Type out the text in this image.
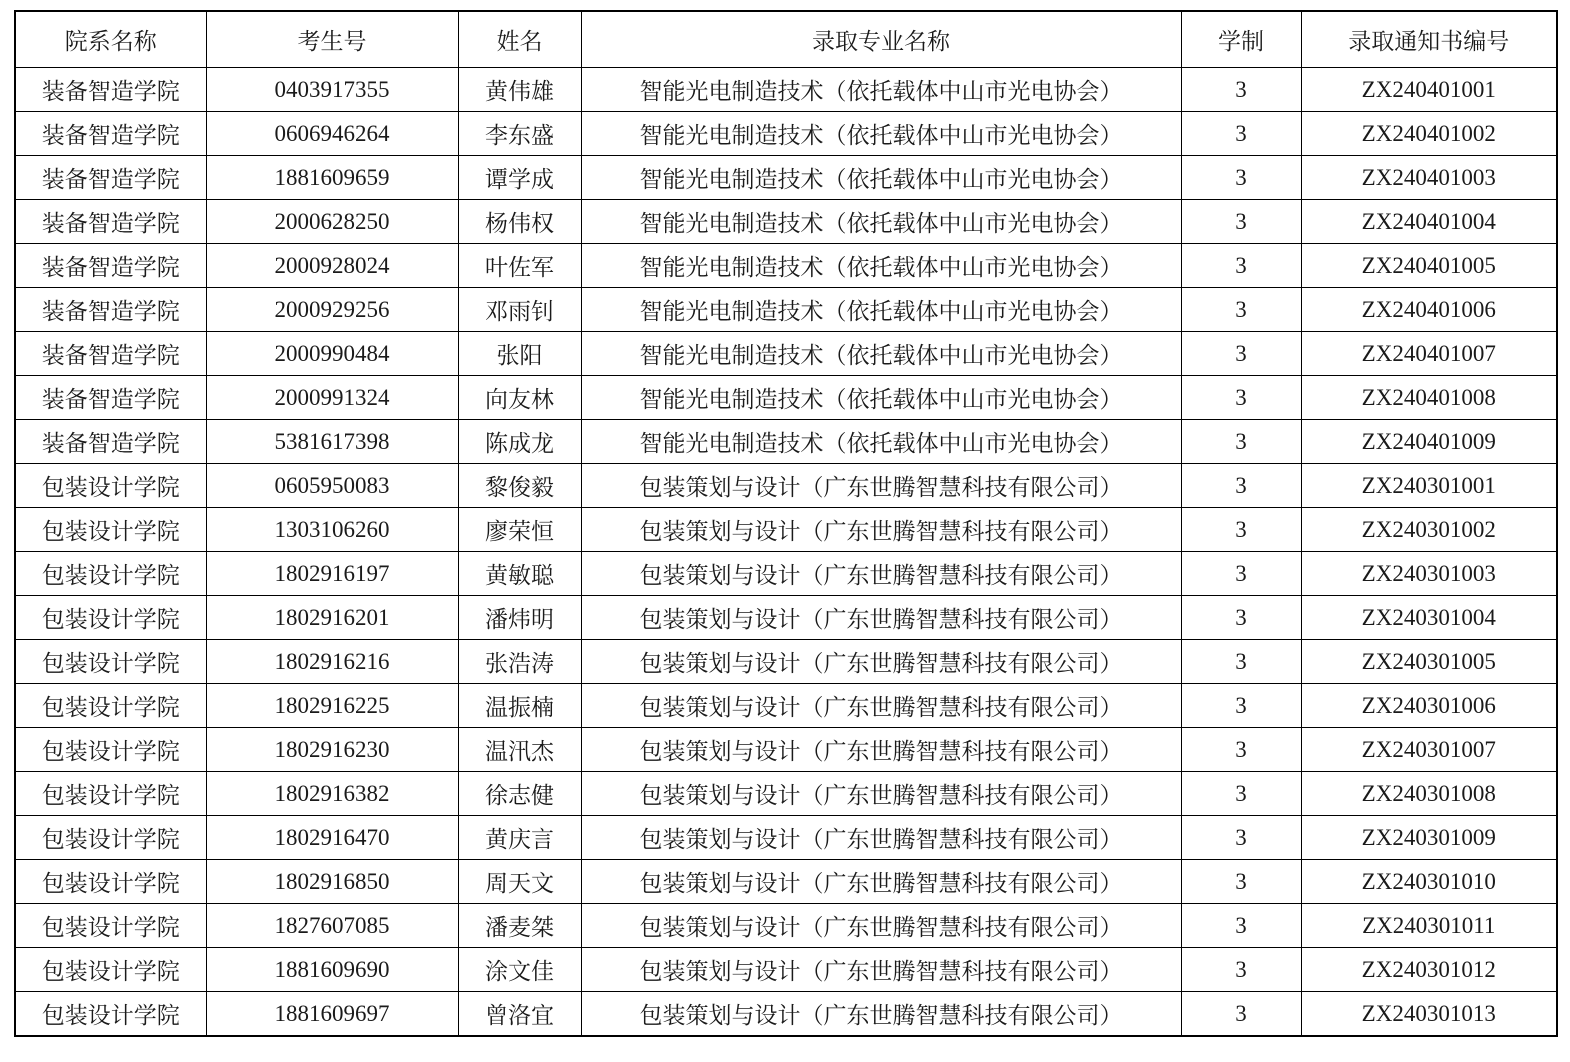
院系名称	考生号	姓名	录取专业名称	学制	录取通知书编号
装备智造学院	0403917355	黄伟雄	智能光电制造技术（依托载体中山市光电协会）	3	ZX240401001
装备智造学院	0606946264	李东盛	智能光电制造技术（依托载体中山市光电协会）	3	ZX240401002
装备智造学院	1881609659	谭学成	智能光电制造技术（依托载体中山市光电协会）	3	ZX240401003
装备智造学院	2000628250	杨伟权	智能光电制造技术（依托载体中山市光电协会）	3	ZX240401004
装备智造学院	2000928024	叶佐军	智能光电制造技术（依托载体中山市光电协会）	3	ZX240401005
装备智造学院	2000929256	邓雨钊	智能光电制造技术（依托载体中山市光电协会）	3	ZX240401006
装备智造学院	2000990484	张阳	智能光电制造技术（依托载体中山市光电协会）	3	ZX240401007
装备智造学院	2000991324	向友林	智能光电制造技术（依托载体中山市光电协会）	3	ZX240401008
装备智造学院	5381617398	陈成龙	智能光电制造技术（依托载体中山市光电协会）	3	ZX240401009
包装设计学院	0605950083	黎俊毅	包装策划与设计（广东世腾智慧科技有限公司）	3	ZX240301001
包装设计学院	1303106260	廖荣恒	包装策划与设计（广东世腾智慧科技有限公司）	3	ZX240301002
包装设计学院	1802916197	黄敏聪	包装策划与设计（广东世腾智慧科技有限公司）	3	ZX240301003
包装设计学院	1802916201	潘炜明	包装策划与设计（广东世腾智慧科技有限公司）	3	ZX240301004
包装设计学院	1802916216	张浩涛	包装策划与设计（广东世腾智慧科技有限公司）	3	ZX240301005
包装设计学院	1802916225	温振楠	包装策划与设计（广东世腾智慧科技有限公司）	3	ZX240301006
包装设计学院	1802916230	温汛杰	包装策划与设计（广东世腾智慧科技有限公司）	3	ZX240301007
包装设计学院	1802916382	徐志健	包装策划与设计（广东世腾智慧科技有限公司）	3	ZX240301008
包装设计学院	1802916470	黄庆言	包装策划与设计（广东世腾智慧科技有限公司）	3	ZX240301009
包装设计学院	1802916850	周天文	包装策划与设计（广东世腾智慧科技有限公司）	3	ZX240301010
包装设计学院	1827607085	潘麦桀	包装策划与设计（广东世腾智慧科技有限公司）	3	ZX240301011
包装设计学院	1881609690	涂文佳	包装策划与设计（广东世腾智慧科技有限公司）	3	ZX240301012
包装设计学院	1881609697	曾洛宜	包装策划与设计（广东世腾智慧科技有限公司）	3	ZX240301013
